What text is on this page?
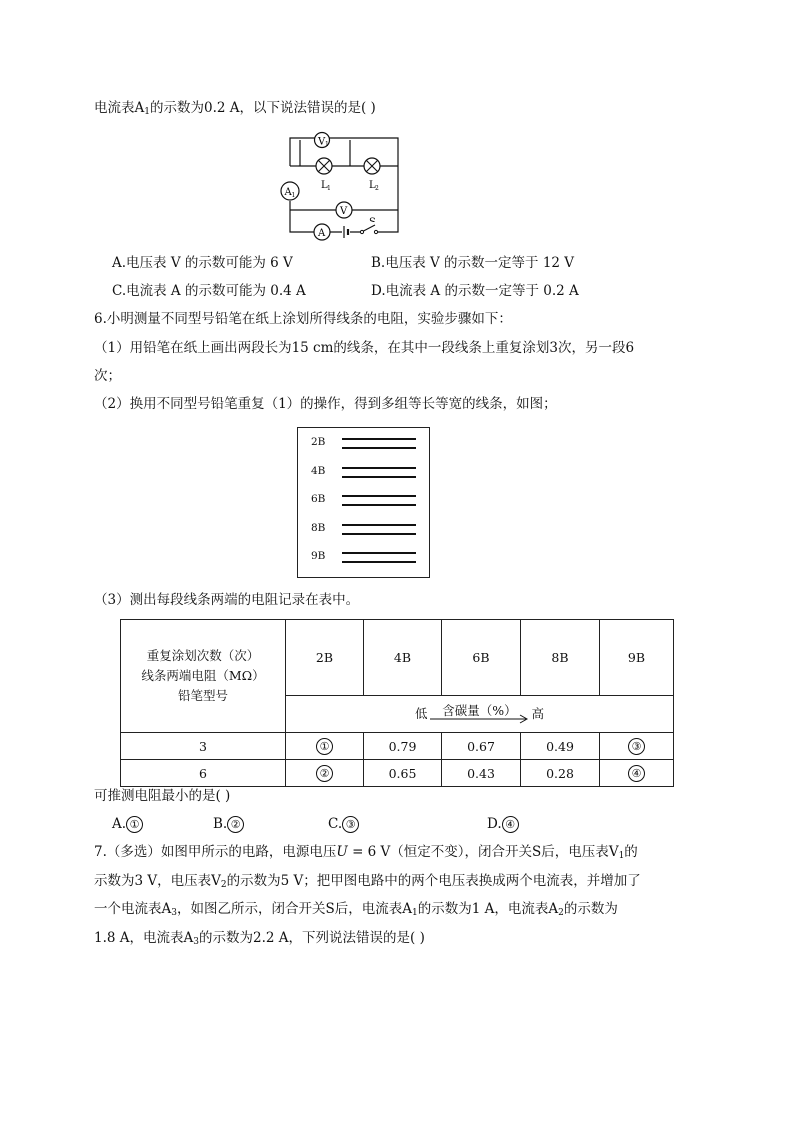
电流表$A_1$的示数为0.2 A，以下说法错误的是( )
V 1
L 1	L 2
A 1
V
A
A.电压表 V 的示数可能为 6 V	B.电压表 V 的示数一定等于 12 V
C.电流表 A 的示数可能为 0.4 A	D.电流表 A 的示数一定等于 0.2 A
6.小明测量不同型号铅笔在纸上涂划所得线条的电阻，实验步骤如下：
（1）用铅笔在纸上画出两段长为15 cm的线条，在其中一段线条上重复涂划3次，另一段6
次；
（2）换用不同型号铅笔重复（1）的操作，得到多组等长等宽的线条，如图；
2B
4B
6B
8B
9B
（3）测出每段线条两端的电阻记录在表中。
重复涂划次数（次）
线条两端电阻（MΩ）
铅笔型号	2B	4B	6B	8B	9B
	低 含碳量（%） 高				
3	①	0.79	0.67	0.49	③
6	②	0.65	0.43	0.28	④
可推测电阻最小的是( )
A. ①	B. ②	C. ③	D. ④
7.（多选）如图甲所示的电路，电源电压U = 6 V（恒定不变），闭合开关S后，电压表$V_1$的
示数为3 V，电压表$V_2$的示数为5 V；把甲图电路中的两个电压表换成两个电流表，并增加了
一个电流表$A_3$，如图乙所示，闭合开关S后，电流表$A_1$的示数为1 A，电流表$A_2$的示数为
1.8 A，电流表$A_3$的示数为2.2 A，下列说法错误的是( )
